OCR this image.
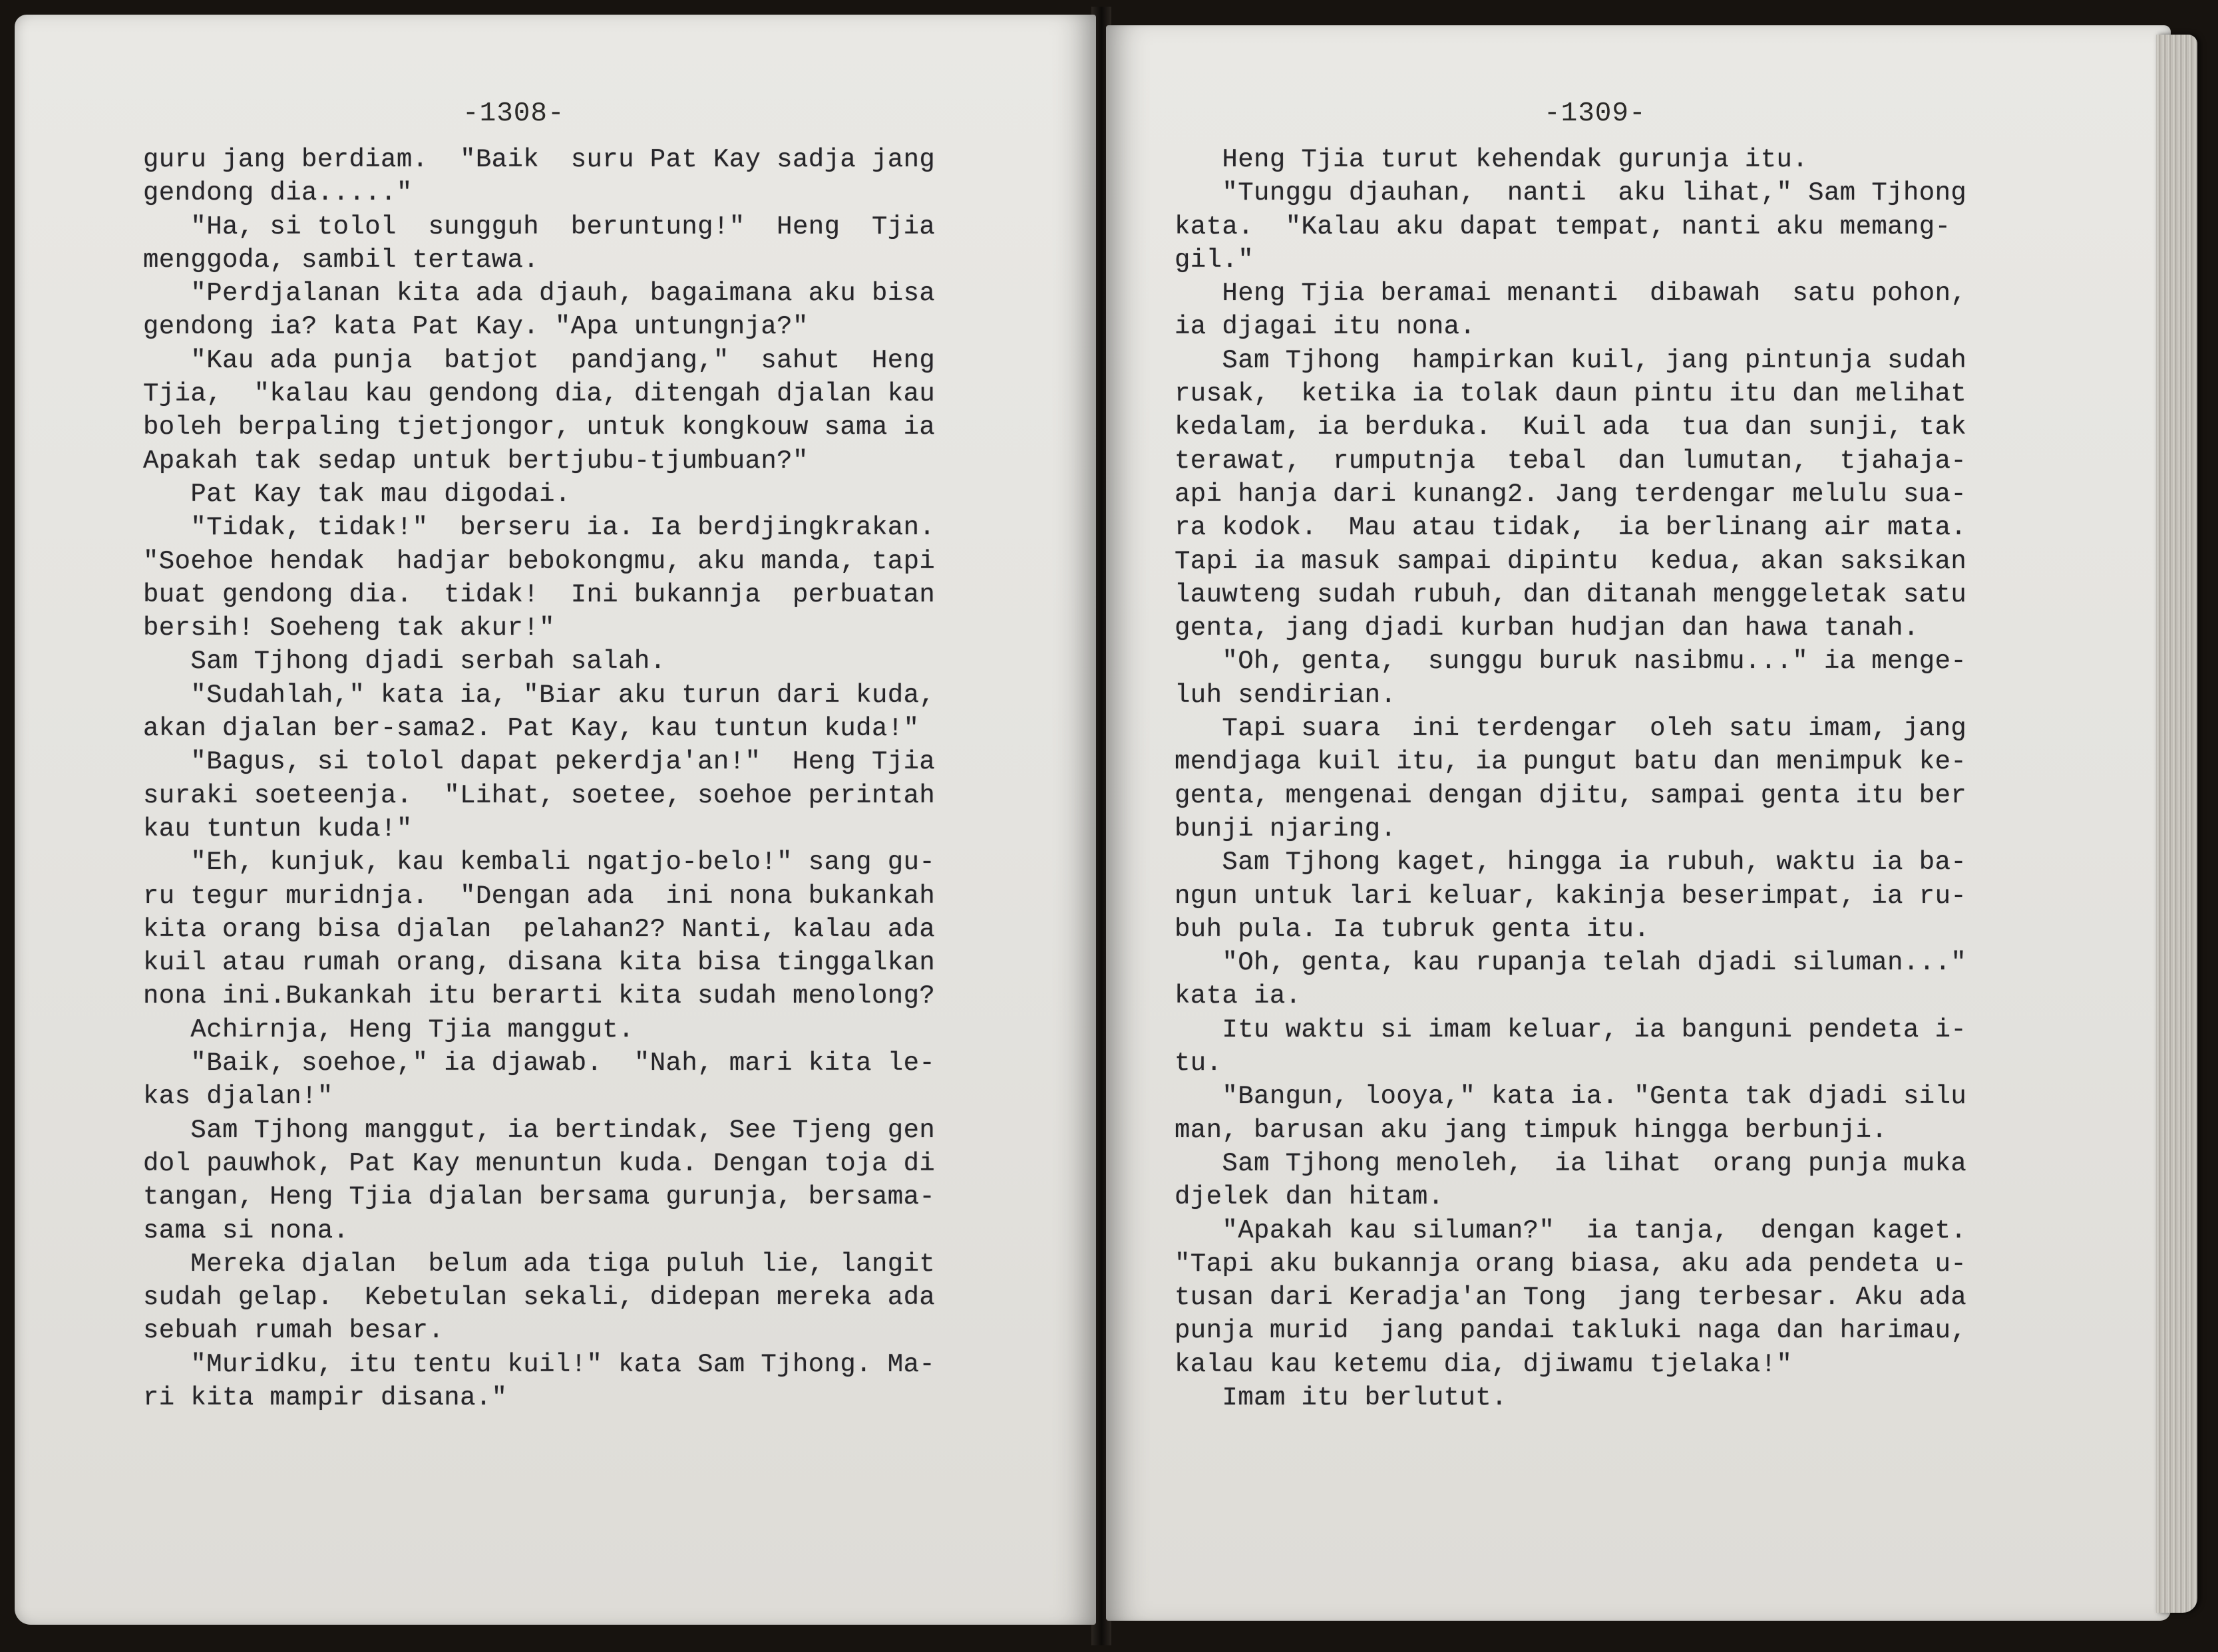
-1308-	-1309-
guru jang berdiam.  "Baik  suru Pat Kay sadja jang
gendong dia....."
"Ha, si tolol  sungguh  beruntung!"  Heng  Tjia
menggoda, sambil tertawa.
"Perdjalanan kita ada djauh, bagaimana aku bisa
gendong ia? kata Pat Kay. "Apa untungnja?"
"Kau ada punja  batjot  pandjang,"  sahut  Heng
Tjia,  "kalau kau gendong dia, ditengah djalan kau
boleh berpaling tjetjongor, untuk kongkouw sama ia
Apakah tak sedap untuk bertjubu-tjumbuan?"
Pat Kay tak mau digodai.
"Tidak, tidak!"  berseru ia. Ia berdjingkrakan.
"Soehoe hendak  hadjar bebokongmu, aku manda, tapi
buat gendong dia.  tidak!  Ini bukannja  perbuatan
bersih! Soeheng tak akur!"
Sam Tjhong djadi serbah salah.
"Sudahlah," kata ia, "Biar aku turun dari kuda,
akan djalan ber-sama2. Pat Kay, kau tuntun kuda!"
"Bagus, si tolol dapat pekerdja'an!"  Heng Tjia
suraki soeteenja.  "Lihat, soetee, soehoe perintah
kau tuntun kuda!"
"Eh, kunjuk, kau kembali ngatjo-belo!" sang gu-
ru tegur muridnja.  "Dengan ada  ini nona bukankah
kita orang bisa djalan  pelahan2? Nanti, kalau ada
kuil atau rumah orang, disana kita bisa tinggalkan
nona ini.Bukankah itu berarti kita sudah menolong?
Achirnja, Heng Tjia manggut.
"Baik, soehoe," ia djawab.  "Nah, mari kita le-
kas djalan!"
Sam Tjhong manggut, ia bertindak, See Tjeng gen
dol pauwhok, Pat Kay menuntun kuda. Dengan toja di
tangan, Heng Tjia djalan bersama gurunja, bersama-
sama si nona.
Mereka djalan  belum ada tiga puluh lie, langit
sudah gelap.  Kebetulan sekali, didepan mereka ada
sebuah rumah besar.
"Muridku, itu tentu kuil!" kata Sam Tjhong. Ma-
ri kita mampir disana."
Heng Tjia turut kehendak gurunja itu.
"Tunggu djauhan,  nanti  aku lihat," Sam Tjhong
kata.  "Kalau aku dapat tempat, nanti aku memang-
gil."
Heng Tjia beramai menanti  dibawah  satu pohon,
ia djagai itu nona.
Sam Tjhong  hampirkan kuil, jang pintunja sudah
rusak,  ketika ia tolak daun pintu itu dan melihat
kedalam, ia berduka.  Kuil ada  tua dan sunji, tak
terawat,  rumputnja  tebal  dan lumutan,  tjahaja-
api hanja dari kunang2. Jang terdengar melulu sua-
ra kodok.  Mau atau tidak,  ia berlinang air mata.
Tapi ia masuk sampai dipintu  kedua, akan saksikan
lauwteng sudah rubuh, dan ditanah menggeletak satu
genta, jang djadi kurban hudjan dan hawa tanah.
"Oh, genta,  sunggu buruk nasibmu..." ia menge-
luh sendirian.
Tapi suara  ini terdengar  oleh satu imam, jang
mendjaga kuil itu, ia pungut batu dan menimpuk ke-
genta, mengenai dengan djitu, sampai genta itu ber
bunji njaring.
Sam Tjhong kaget, hingga ia rubuh, waktu ia ba-
ngun untuk lari keluar, kakinja beserimpat, ia ru-
buh pula. Ia tubruk genta itu.
"Oh, genta, kau rupanja telah djadi siluman..."
kata ia.
Itu waktu si imam keluar, ia banguni pendeta i-
tu.
"Bangun, looya," kata ia. "Genta tak djadi silu
man, barusan aku jang timpuk hingga berbunji.
Sam Tjhong menoleh,  ia lihat  orang punja muka
djelek dan hitam.
"Apakah kau siluman?"  ia tanja,  dengan kaget.
"Tapi aku bukannja orang biasa, aku ada pendeta u-
tusan dari Keradja'an Tong  jang terbesar. Aku ada
punja murid  jang pandai takluki naga dan harimau,
kalau kau ketemu dia, djiwamu tjelaka!"
Imam itu berlutut.
